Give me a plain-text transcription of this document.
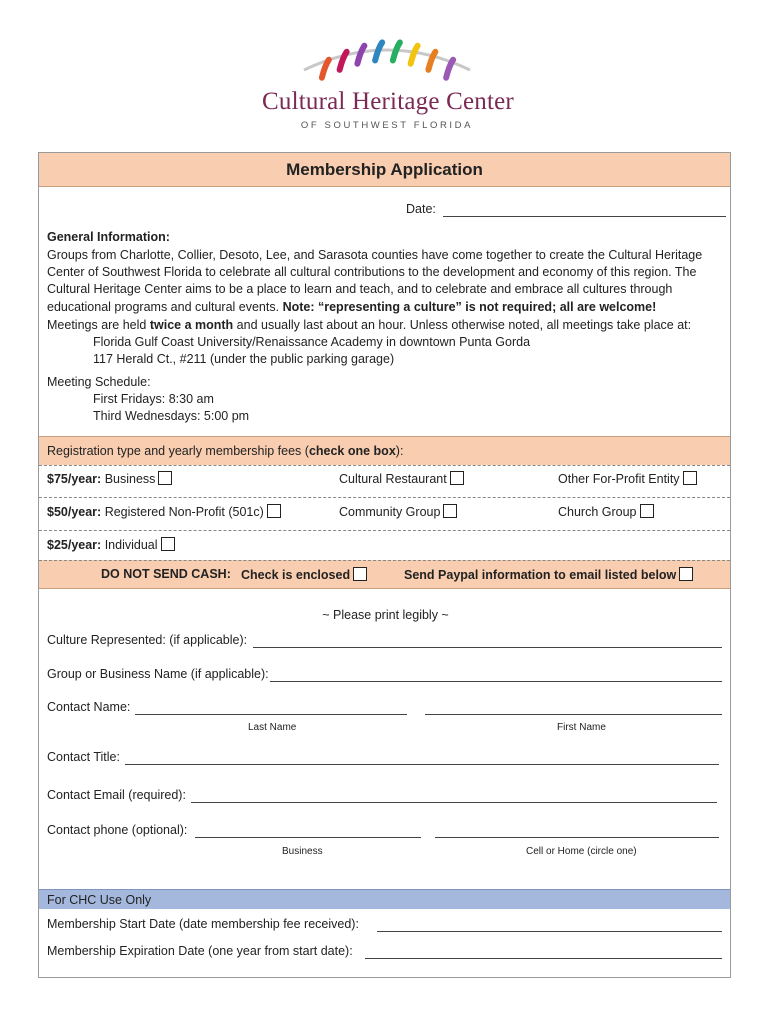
Cultural Heritage Center
OF SOUTHWEST FLORIDA
Membership Application
Date:
General Information:
Groups from Charlotte, Collier, Desoto, Lee, and Sarasota counties have come together to create the Cultural Heritage Center of Southwest Florida to celebrate all cultural contributions to the development and economy of this region. The Cultural Heritage Center aims to be a place to learn and teach, and to celebrate and embrace all cultures through educational programs and cultural events. Note: “representing a culture” is not required; all are welcome!
Meetings are held twice a month and usually last about an hour. Unless otherwise noted, all meetings take place at:
Florida Gulf Coast University/Renaissance Academy in downtown Punta Gorda
117 Herald Ct., #211 (under the public parking garage)
Meeting Schedule:
First Fridays: 8:30 am
Third Wednesdays: 5:00 pm
Registration type and yearly membership fees (check one box):
$75/year: Business	Cultural Restaurant	Other For-Profit Entity
$50/year: Registered Non-Profit (501c)	Community Group	Church Group
$25/year: Individual
DO NOT SEND CASH: Check is enclosed	Send Paypal information to email listed below
~ Please print legibly ~
Culture Represented: (if applicable):
Group or Business Name (if applicable):
Contact Name:
Last Name	First Name
Contact Title:
Contact Email (required):
Contact phone (optional):
Business	Cell or Home (circle one)
For CHC Use Only
Membership Start Date (date membership fee received):
Membership Expiration Date (one year from start date):
